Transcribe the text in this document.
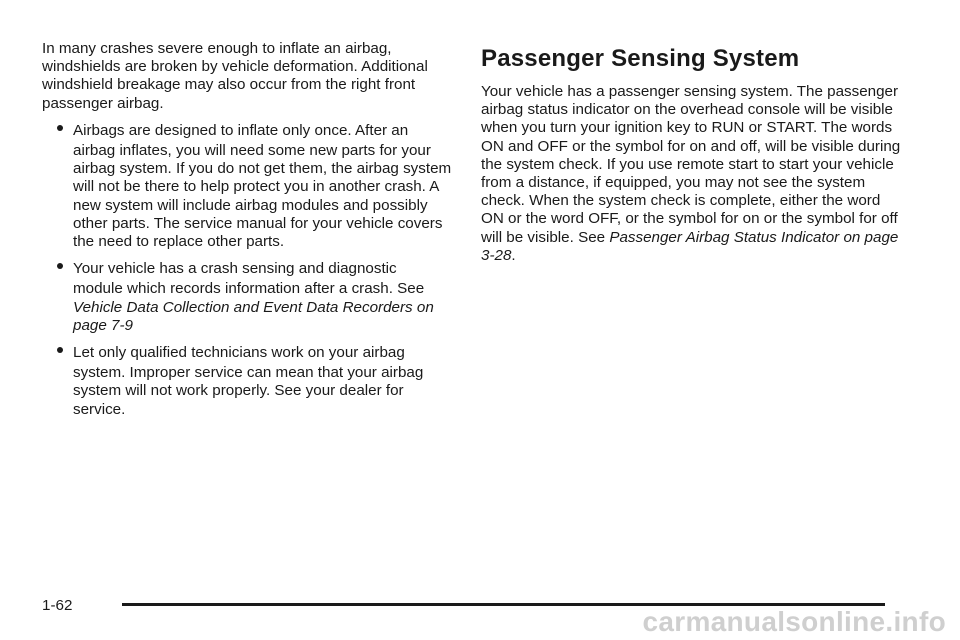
In many crashes severe enough to inflate an airbag, windshields are broken by vehicle deformation. Additional windshield breakage may also occur from the right front passenger airbag.

Airbags are designed to inflate only once. After an
airbag inflates, you will need some new parts for your airbag system. If you do not get them, the airbag system will not be there to help protect you in another crash. A new system will include airbag modules and possibly other parts. The service manual for your vehicle covers the need to replace other parts.
Your vehicle has a crash sensing and diagnostic
module which records information after a crash. See Vehicle Data Collection and Event Data Recorders on page 7-9
Let only qualified technicians work on your airbag
system. Improper service can mean that your airbag system will not work properly. See your dealer for service.
Passenger Sensing System

Your vehicle has a passenger sensing system. The passenger airbag status indicator on the overhead console will be visible when you turn your ignition key to RUN or START. The words ON and OFF or the symbol for on and off, will be visible during the system check. If you use remote start to start your vehicle from a distance, if equipped, you may not see the system check. When the system check is complete, either the word ON or the word OFF, or the symbol for on or the symbol for off will be visible. See Passenger Airbag Status Indicator on page 3-28.

1-62
carmanualsonline.info
